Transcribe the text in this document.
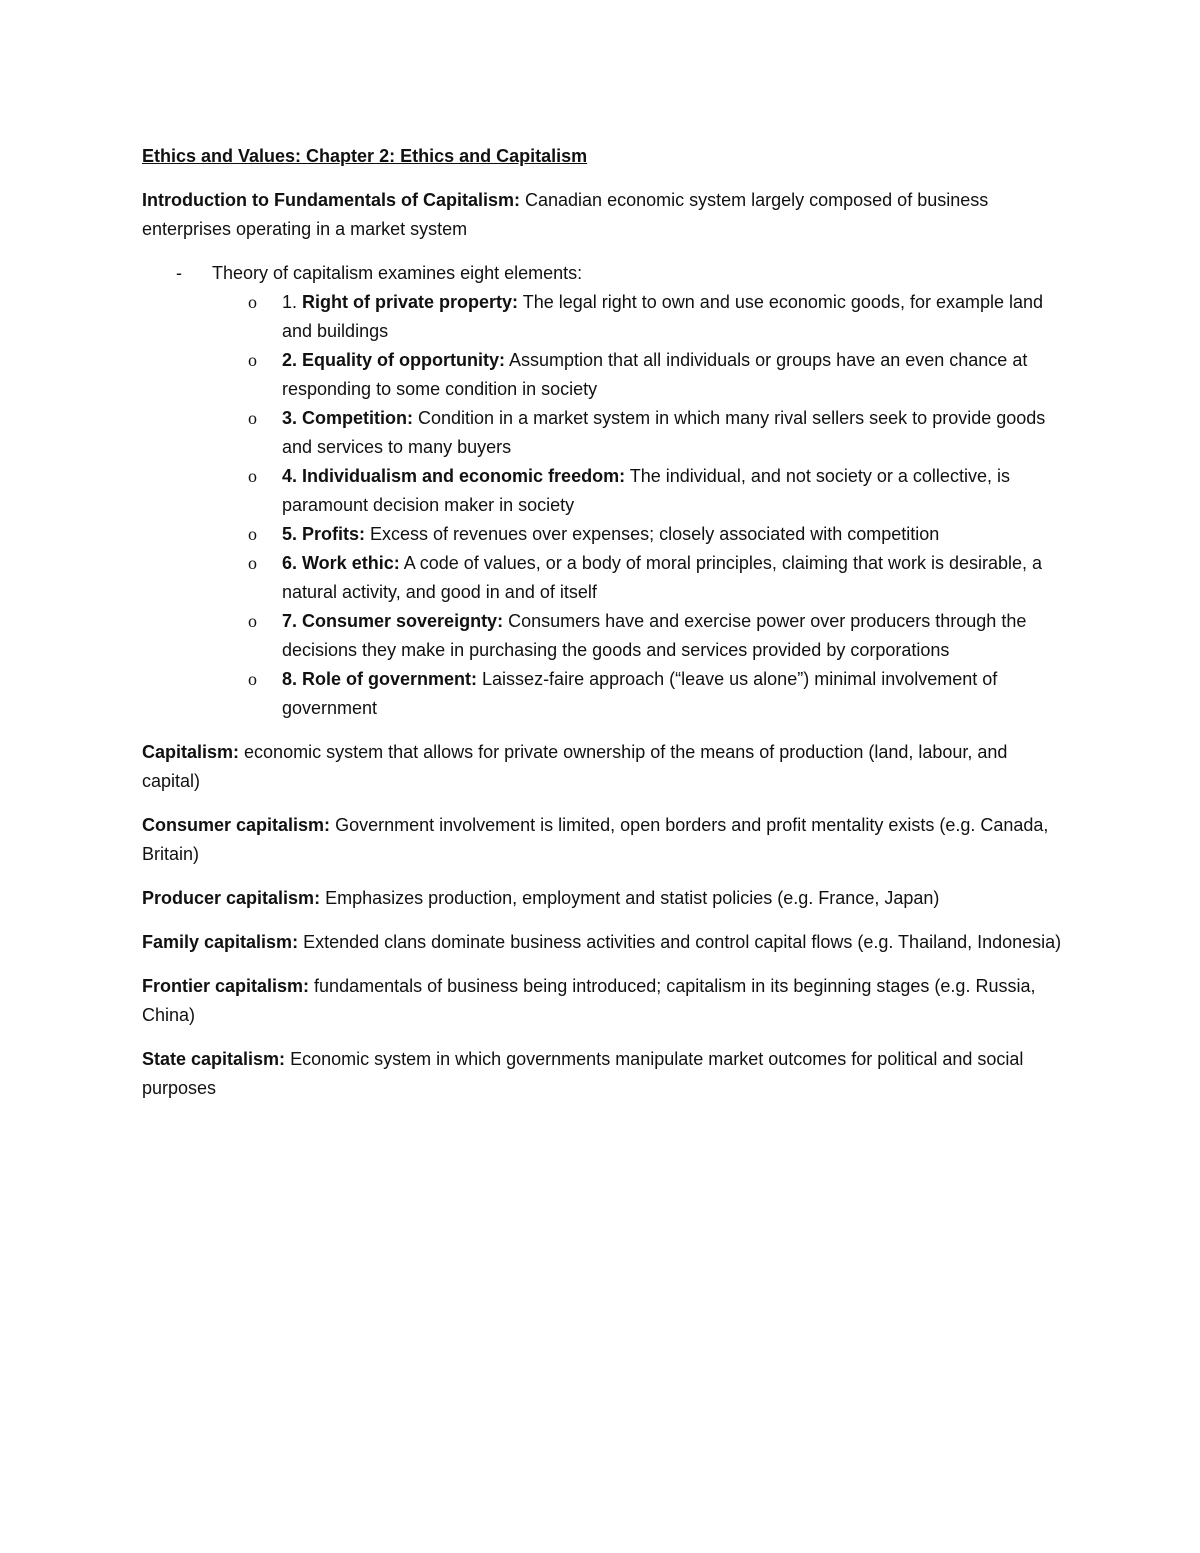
Ethics and Values: Chapter 2: Ethics and Capitalism

Introduction to Fundamentals of Capitalism: Canadian economic system largely composed of business enterprises operating in a market system

- Theory of capitalism examines eight elements:
o 1. Right of private property: The legal right to own and use economic goods, for example land and buildings
o 2. Equality of opportunity: Assumption that all individuals or groups have an even chance at responding to some condition in society
o 3. Competition: Condition in a market system in which many rival sellers seek to provide goods and services to many buyers
o 4. Individualism and economic freedom: The individual, and not society or a collective, is paramount decision maker in society
o 5. Profits: Excess of revenues over expenses; closely associated with competition
o 6. Work ethic: A code of values, or a body of moral principles, claiming that work is desirable, a natural activity, and good in and of itself
o 7. Consumer sovereignty: Consumers have and exercise power over producers through the decisions they make in purchasing the goods and services provided by corporations
o 8. Role of government: Laissez-faire approach (“leave us alone”) minimal involvement of government

Capitalism: economic system that allows for private ownership of the means of production (land, labour, and capital)

Consumer capitalism: Government involvement is limited, open borders and profit mentality exists (e.g. Canada, Britain)

Producer capitalism: Emphasizes production, employment and statist policies (e.g. France, Japan)

Family capitalism: Extended clans dominate business activities and control capital flows (e.g. Thailand, Indonesia)

Frontier capitalism: fundamentals of business being introduced; capitalism in its beginning stages (e.g. Russia, China)

State capitalism: Economic system in which governments manipulate market outcomes for political and social purposes
